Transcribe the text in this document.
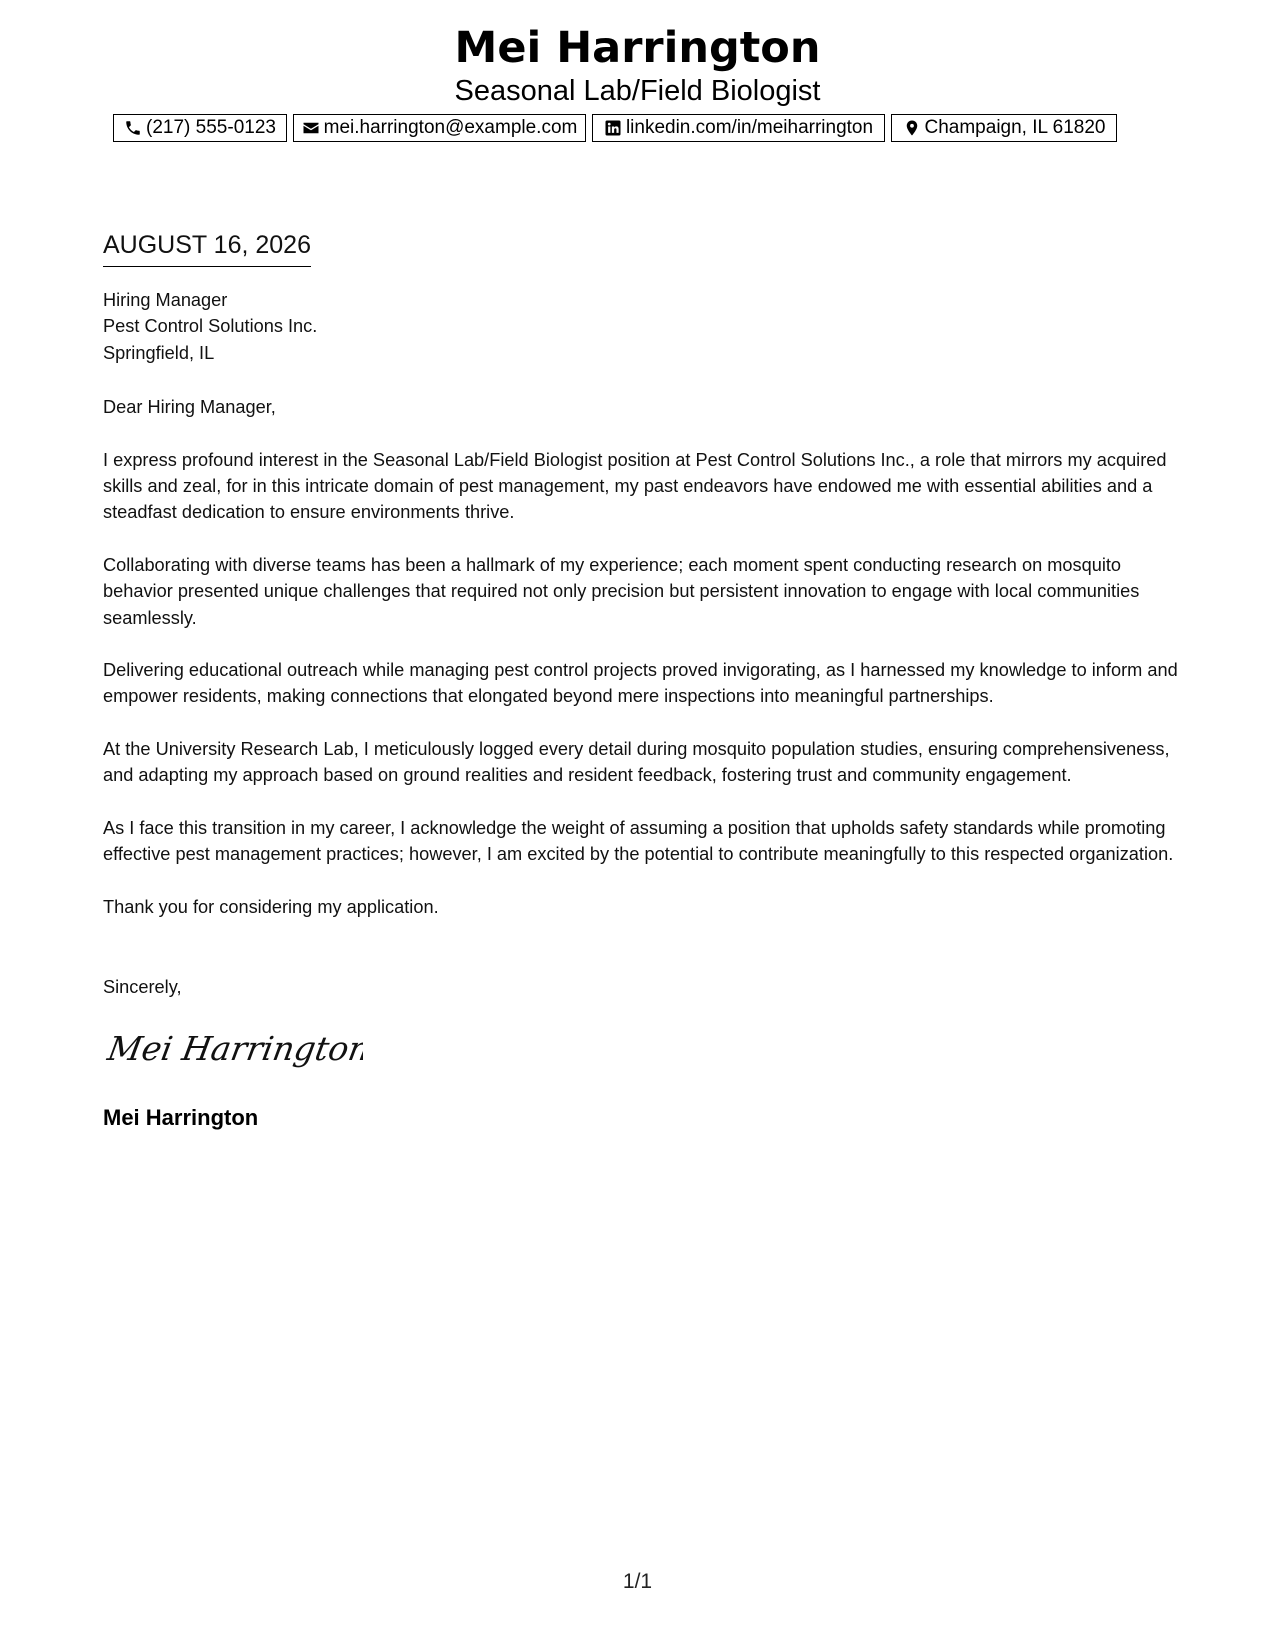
Mei Harrington
Seasonal Lab/Field Biologist
(217) 555-0123	mei.harrington@example.com	linkedin.com/in/meiharrington	Champaign, IL 61820
AUGUST 16, 2026
Hiring Manager
Pest Control Solutions Inc.
Springfield, IL

Dear Hiring Manager,

I express profound interest in the Seasonal Lab/Field Biologist position at Pest Control Solutions Inc., a role that mirrors my acquired skills and zeal, for in this intricate domain of pest management, my past endeavors have endowed me with essential abilities and a steadfast dedication to ensure environments thrive.

Collaborating with diverse teams has been a hallmark of my experience; each moment spent conducting research on mosquito behavior presented unique challenges that required not only precision but persistent innovation to engage with local communities seamlessly.

Delivering educational outreach while managing pest control projects proved invigorating, as I harnessed my knowledge to inform and empower residents, making connections that elongated beyond mere inspections into meaningful partnerships.

At the University Research Lab, I meticulously logged every detail during mosquito population studies, ensuring comprehensiveness, and adapting my approach based on ground realities and resident feedback, fostering trust and community engagement.

As I face this transition in my career, I acknowledge the weight of assuming a position that upholds safety standards while promoting effective pest management practices; however, I am excited by the potential to contribute meaningfully to this respected organization.

Thank you for considering my application.

Sincerely,

Mei Harrington
Mei Harrington
1/1
